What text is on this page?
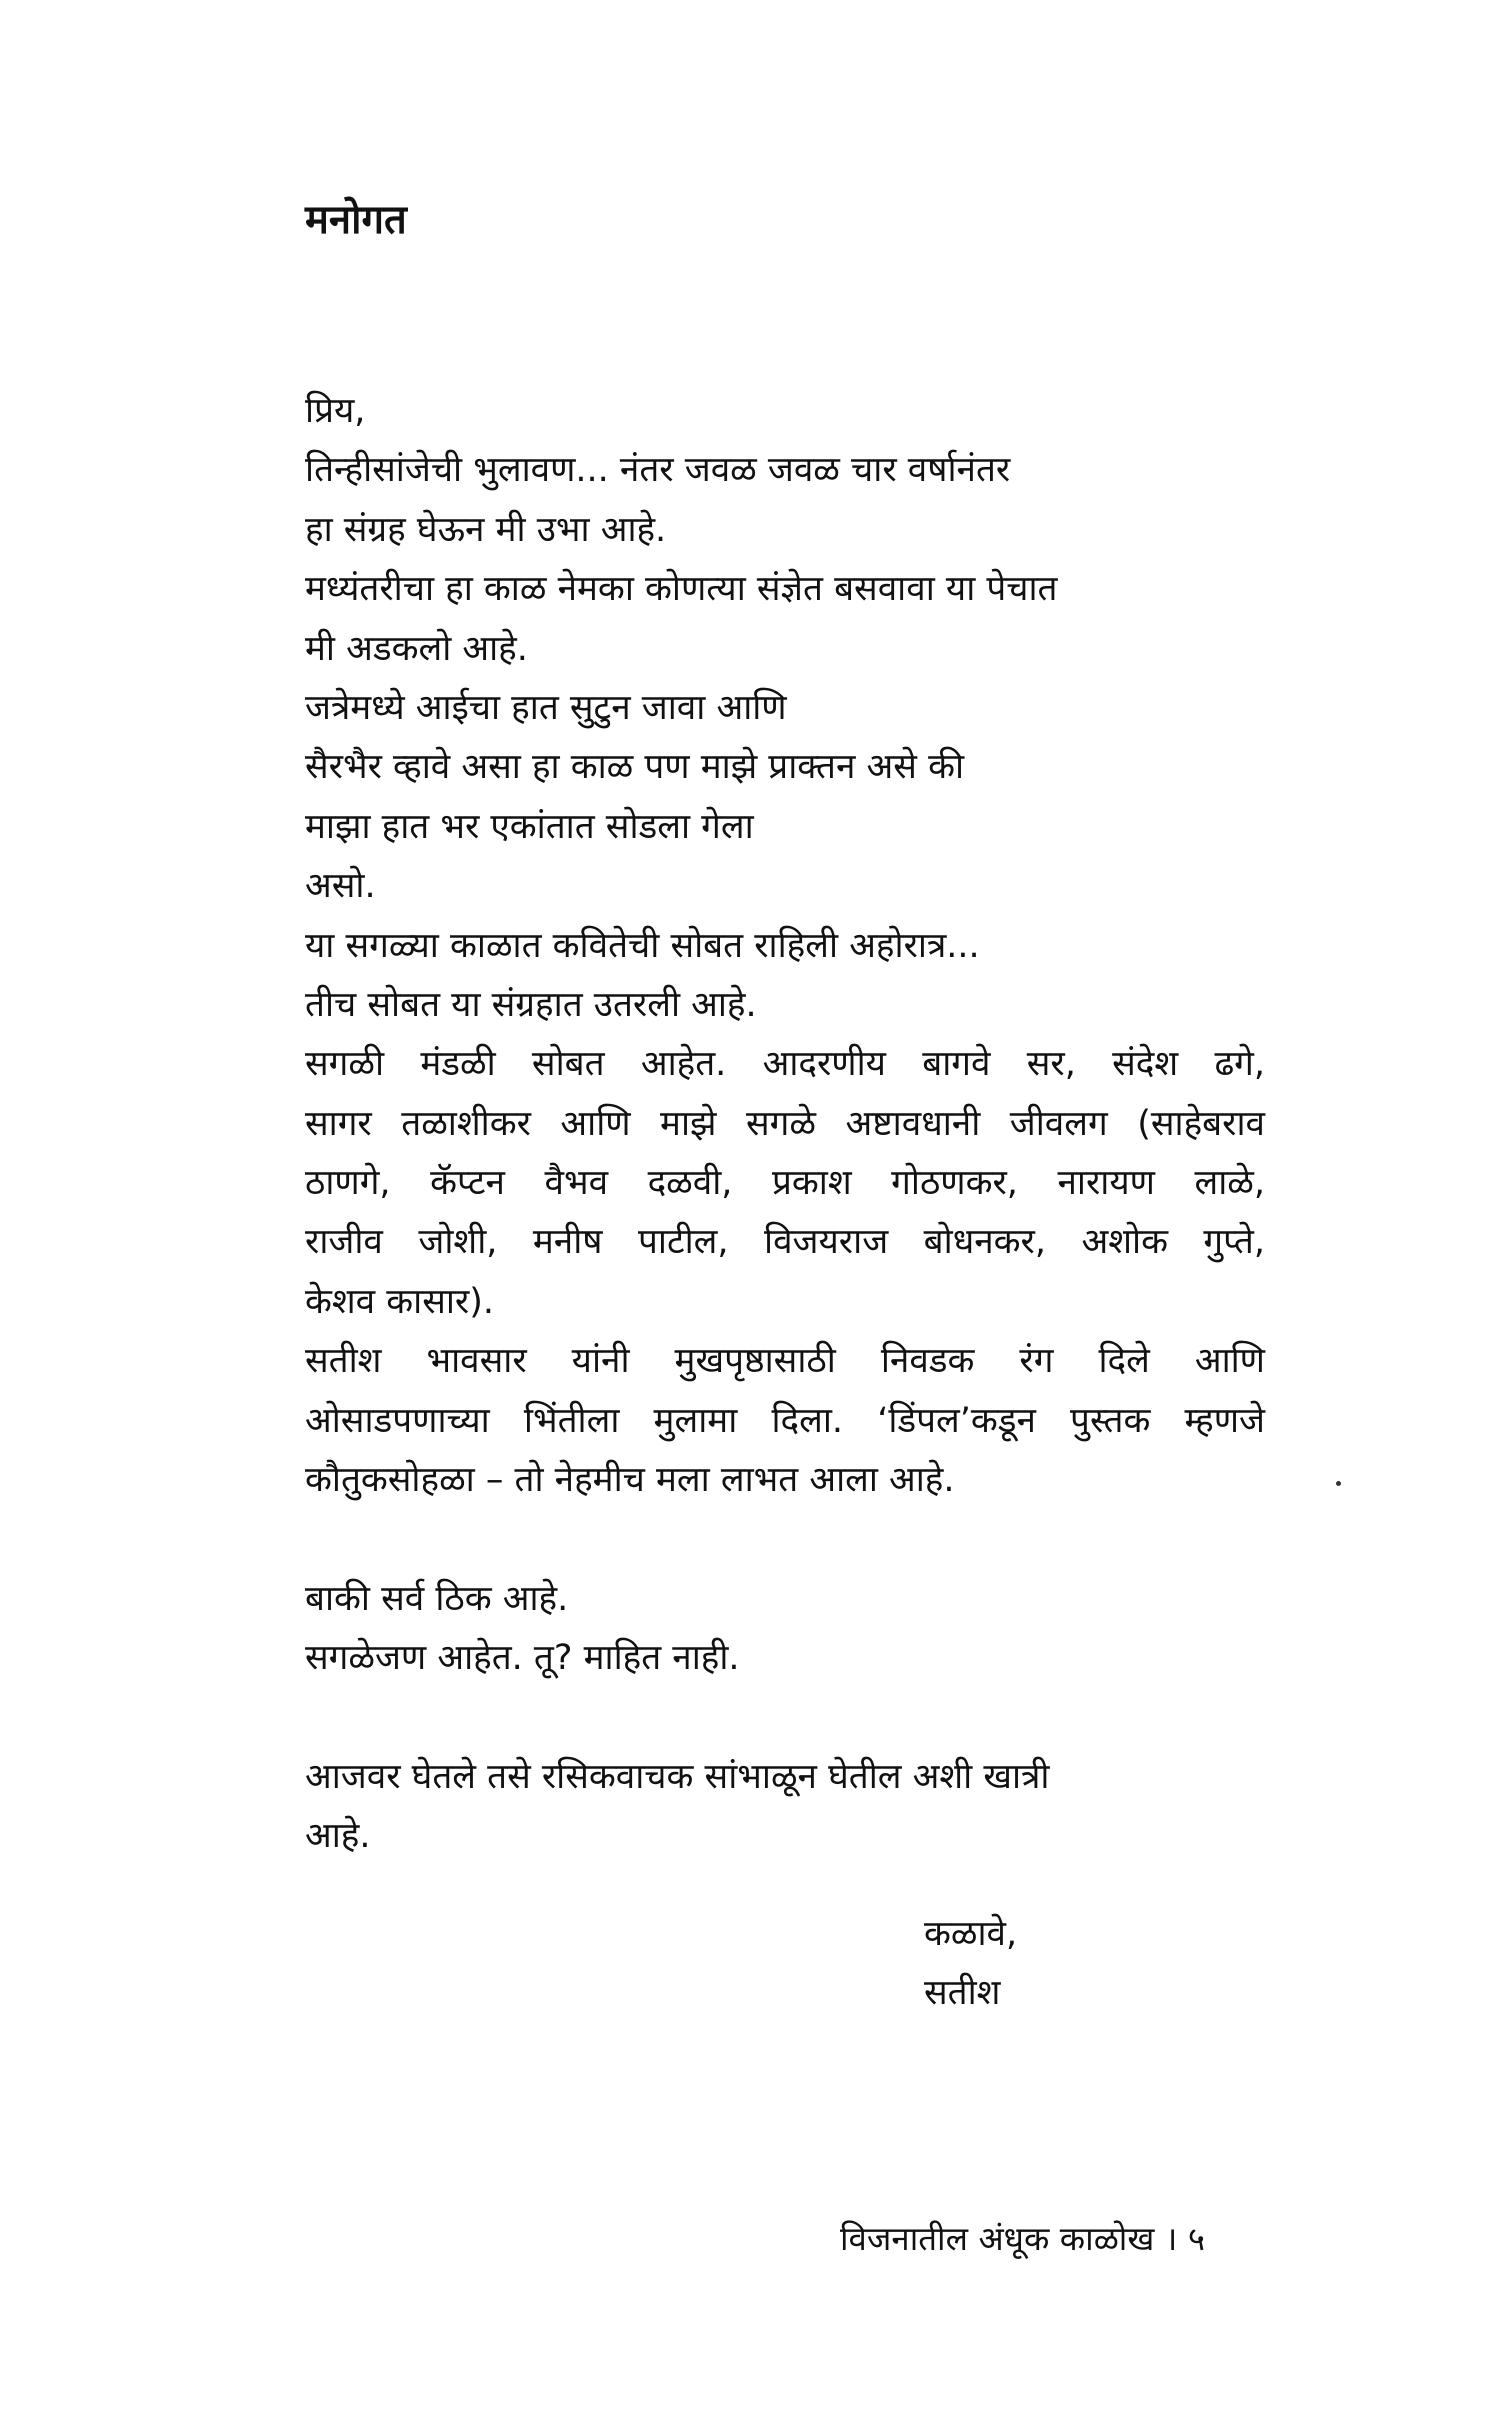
मनोगत
प्रिय,
तिन्हीसांजेची भुलावण... नंतर जवळ जवळ चार वर्षानंतर
हा संग्रह घेऊन मी उभा आहे.
मध्यंतरीचा हा काळ नेमका कोणत्या संज्ञेत बसवावा या पेचात
मी अडकलो आहे.
जत्रेमध्ये आईचा हात सुटुन जावा आणि
सैरभैर व्हावे असा हा काळ पण माझे प्राक्तन असे की
माझा हात भर एकांतात सोडला गेला
असो.
या सगळ्या काळात कवितेची सोबत राहिली अहोरात्र...
तीच सोबत या संग्रहात उतरली आहे.
सगळी मंडळी सोबत आहेत. आदरणीय बागवे सर, संदेश ढगे,
सागर तळाशीकर आणि माझे सगळे अष्टावधानी जीवलग (साहेबराव
ठाणगे, कॅप्टन वैभव दळवी, प्रकाश गोठणकर, नारायण लाळे,
राजीव जोशी, मनीष पाटील, विजयराज बोधनकर, अशोक गुप्ते,
केशव कासार).
सतीश भावसार यांनी मुखपृष्ठासाठी निवडक रंग दिले आणि
ओसाडपणाच्या भिंतीला मुलामा दिला. ‘डिंपल’कडून पुस्तक म्हणजे
कौतुकसोहळा – तो नेहमीच मला लाभत आला आहे.
बाकी सर्व ठिक आहे.
सगळेजण आहेत. तू? माहित नाही.
आजवर घेतले तसे रसिकवाचक सांभाळून घेतील अशी खात्री
आहे.
कळावे,
सतीश
विजनातील अंधूक काळोख । ५
